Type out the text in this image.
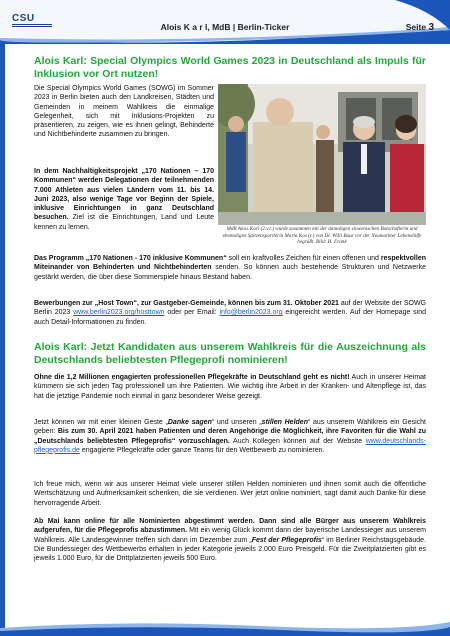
CSU
Alois K a r l, MdB | Berlin-Ticker	Seite 3
Alois Karl: Special Olympics World Games 2023 in Deutschland als Impuls für Inklusion vor Ort nutzen!

Die Special Olympics World Games (SOWG) im Sommer 2023 in Berlin bieten auch den Landkreisen, Städten und Gemeinden in meinem Wahlkreis die einmalige Gelegenheit, sich mit Inklusions-Projekten zu präsentieren, zu zeigen, wie es ihnen gelingt, Behinderte und Nichtbehinderte zusammen zu bringen.

In dem Nachhaltigkeitsprojekt „170 Nationen – 170 Kommunen“ werden Delegationen der teilnehmenden 7.000 Athleten aus vielen Ländern vom 11. bis 14. Juni 2023, also wenige Tage vor Beginn der Spiele, inklusive Einrichtungen in ganz Deutschland besuchen. Ziel ist die Einrichtungen, Land und Leute kennen zu lernen.	MdB Alois Karl (2.v.r.) wurde zusammen mit der damaligen slowenischen Botschafterin und ehemaligen Spitzensportlerin Marta Kos (r.) von Dr. Willi Baur vor der Neumarkter Lebenshilfe begrüßt. Bild: H. Frank

Das Programm „170 Nationen - 170 inklusive Kommunen“ soll ein kraftvolles Zeichen für einen offenen und respektvollen Miteinander von Behinderten und Nichtbehinderten senden. So können auch bestehende Strukturen und Netzwerke gestärkt werden, die über diese Sommerspiele hinaus Bestand haben.

Bewerbungen zur „Host Town“, zur Gastgeber-Gemeinde, können bis zum 31. Oktober 2021 auf der Website der SOWG Berlin 2023 www.berlin2023.org/hosttown oder per Email: info@berlin2023.org eingereicht werden. Auf der Homepage sind auch Detail-Informationen zu finden.

Alois Karl: Jetzt Kandidaten aus unserem Wahlkreis für die Auszeichnung als Deutschlands beliebtesten Pflegeprofi nominieren!

Ohne die 1,2 Millionen engagierten professionellen Pflegekräfte in Deutschland geht es nicht! Auch in unserer Heimat kümmern sie sich jeden Tag professionell um ihre Patienten. Wie wichtig ihre Arbeit in der Kranken- und Altenpflege ist, das hat die jetztige Pandemie noch einmal in ganz besonderer Weise gezeigt.

Jetzt können wir mit einer kleinen Geste „Danke sagen“ und unseren „stillen Helden“ aus unserem Wahlkreis ein Gesicht geben: Bis zum 30. April 2021 haben Patienten und deren Angehörige die Möglichkeit, ihre Favoriten für die Wahl zu „Deutschlands beliebtesten Pflegeprofis“ vorzuschlagen. Auch Kollegen können auf der Website www.deutschlands-pflegeprofis.de engagierte Pflegekräfte oder ganze Teams für den Wettbewerb zu nominieren.

Ich freue mich, wenn wir aus unserer Heimat viele unserer stillen Helden nominieren und ihnen somit auch die öffentliche Wertschätzung und Aufmerksamkeit schenken, die sie verdienen. Wer jetzt online nominiert, sagt damit auch Danke für diese hervorragende Arbeit.

Ab Mai kann online für alle Nominierten abgestimmt werden. Dann sind alle Bürger aus unserem Wahlkreis aufgerufen, für die Pflegeprofis abzustimmen. Mit ein wenig Glück kommt dann der bayerische Landessieger aus unserem Wahlkreis. Alle Landesgewinner treffen sich dann im Dezember zum „Fest der Pflegeprofis“ im Berliner Reichstagsgebäude. Die Bundessieger des Wettbewerbs erhalten in jeder Kategorie jeweils 2.000 Euro Preisgeld. Für die Zweitplatzierten gibt es jeweils 1.000 Euro, für die Drittplatzierten jeweils 500 Euro.
